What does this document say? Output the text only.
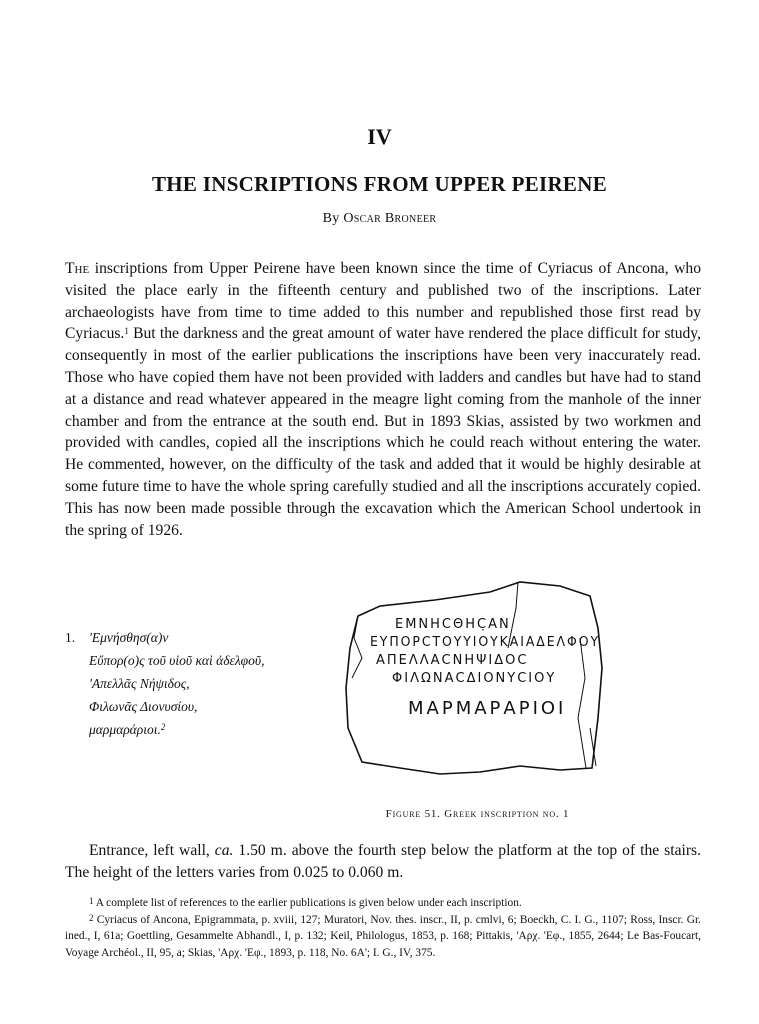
IV
THE INSCRIPTIONS FROM UPPER PEIRENE
By Oscar Broneer
The inscriptions from Upper Peirene have been known since the time of Cyriacus of Ancona, who visited the place early in the fifteenth century and published two of the inscriptions. Later archaeologists have from time to time added to this number and republished those first read by Cyriacus.$^1$ But the darkness and the great amount of water have rendered the place difficult for study, consequently in most of the earlier publications the inscriptions have been very inaccurately read. Those who have copied them have not been provided with ladders and candles but have had to stand at a distance and read whatever appeared in the meagre light coming from the manhole of the inner chamber and from the entrance at the south end. But in 1893 Skias, assisted by two workmen and provided with candles, copied all the inscriptions which he could reach without entering the water. He commented, however, on the difficulty of the task and added that it would be highly desirable at some future time to have the whole spring carefully studied and all the inscriptions accurately copied. This has now been made possible through the excavation which the American School undertook in the spring of 1926.
1. 'Εμνήσθησ(α)ν
Εὔπορ(ο)ς τοῦ υἱοῦ καὶ ἀδελφοῦ,
'Απελλᾶς Νήψιδος,
Φιλωνᾶς Διονυσίου,
μαρμαράριοι.$^2$
ΕΜΝΗϹΘΗϹ̣ΑΝ
ΕΥΠΟΡϹΤΟΥΥΙΟΥΚΑΙΑΔΕΛΦΟΥ
ΑΠΕΛΛΑϹΝΗΨΙΔΟϹ
ΦΙΛΩΝΑϹΔΙΟΝΥϹΙΟΥ
ΜΑΡΜΑΡΑΡΙΟΙ
Figure 51. Greek inscription no. 1
Entrance, left wall, ca. 1.50 m. above the fourth step below the platform at the top of the stairs. The height of the letters varies from 0.025 to 0.060 m.

$^1$ A complete list of references to the earlier publications is given below under each inscription.

$^2$ Cyriacus of Ancona, Epigrammata, p. xviii, 127; Muratori, Nov. thes. inscr., II, p. cmlvi, 6; Boeckh, C. I. G., 1107; Ross, Inscr. Gr. ined., I, 61a; Goettling, Gesammelte Abhandl., I, p. 132; Keil, Philologus, 1853, p. 168; Pittakis, 'Αρχ. 'Εφ., 1855, 2644; Le Bas-Foucart, Voyage Archéol., II, 95, a; Skias, 'Αρχ. 'Εφ., 1893, p. 118, No. 6A'; I. G., IV, 375.
